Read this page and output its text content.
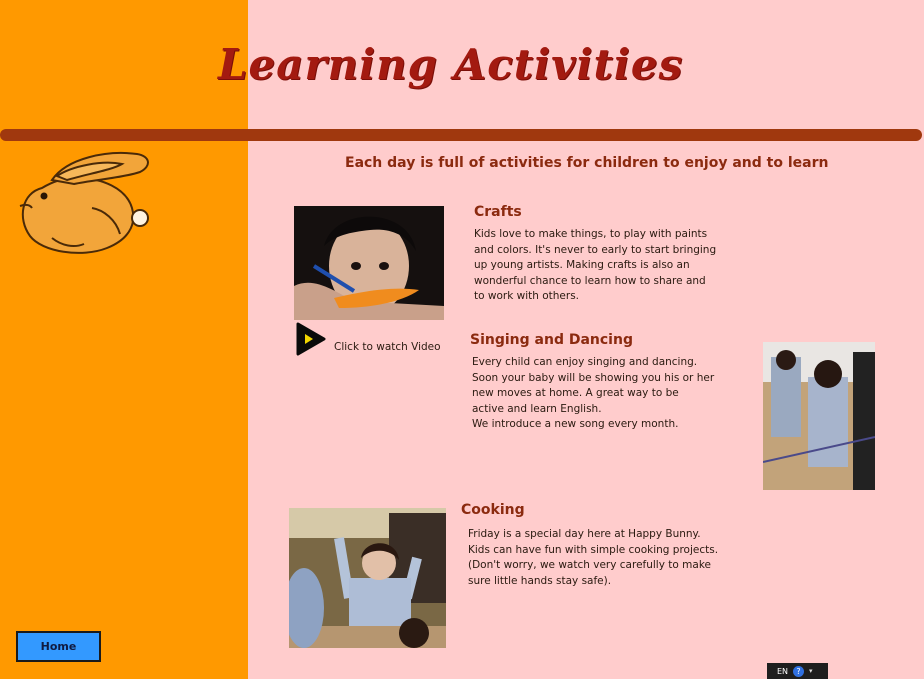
Learning Activities
Each day is full of activities for children to enjoy and to learn
Crafts
Kids love to make things, to play with paints
and colors. It's never to early to start bringing
up young artists. Making crafts is also an
wonderful chance to learn how to share and
to work with others.
Click to watch Video Singing and Dancing
Every child can enjoy singing and dancing.
Soon your baby will be showing you his or her
new moves at home. A great way to be
active and learn English.
We introduce a new song every month.
Cooking
Friday is a special day here at Happy Bunny.
Kids can have fun with simple cooking projects.
(Don't worry, we watch very carefully to make
sure little hands stay safe).
Home
EN	?	▾
